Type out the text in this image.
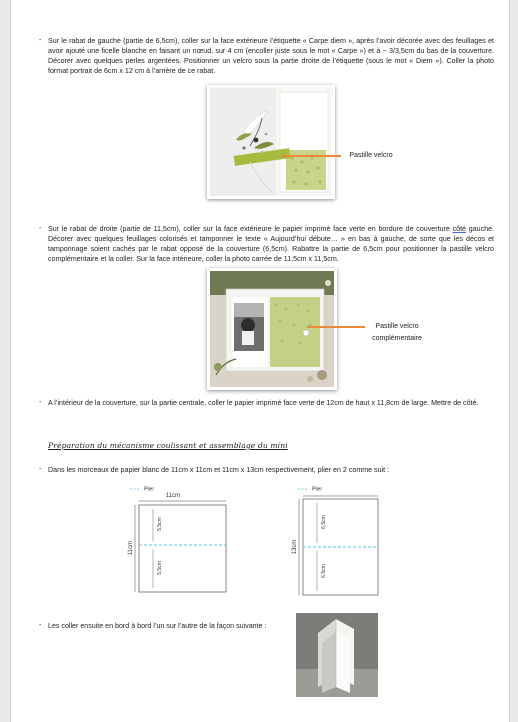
- Sur le rabat de gauche (partie de 6,5cm), coller sur la face extérieure l’étiquette « Carpe diem », après l’avoir décorée avec des feuillages et avoir ajouté une ficelle blanche en faisant un nœud, sur 4 cm (encoller juste sous le mot « Carpe ») et à ~ 3/3,5cm du bas de la couverture. Décorer avec quelques perles argentées. Positionner un velcro sous la partie droite de l’étiquette (sous le mot « Diem »). Coller la photo format portrait de 6cm x 12 cm à l’arrière de ce rabat.
Pastille velcro
- Sur le rabat de droite (partie de 11,5cm), coller sur la face extérieure le papier imprimé face verte en bordure de couverture côté gauche. Décorer avec quelques feuillages colorisés et tamponner le texte « Aujourd’hui débute… » en bas à gauche, de sorte que les décos et tamponnage soient cachés par le rabat opposé de la couverture (6,5cm). Rabattre la partie de 6,5cm pour positionner la pastille velcro complémentaire et la coller. Sur la face intérieure, coller la photo carrée de 11,5cm x 11,5cm.
Pastille velcro
complémentaire
- A l’intérieur de la couverture, sur la partie centrale, coller le papier imprimé face verte de 12cm de haut x 11,8cm de large. Mettre de côté.
Préparation du mécanisme coulissant et assemblage du mini
- Dans les morceaux de papier blanc de 11cm x 11cm et 11cm x 13cm respectivement, plier en 2 comme suit :
Plier
11cm
11cm
5,5cm
5,5cm
Plier
13cm
6,5cm
6,5cm
- Les coller ensuite en bord à bord l’un sur l’autre de la façon suivante :
